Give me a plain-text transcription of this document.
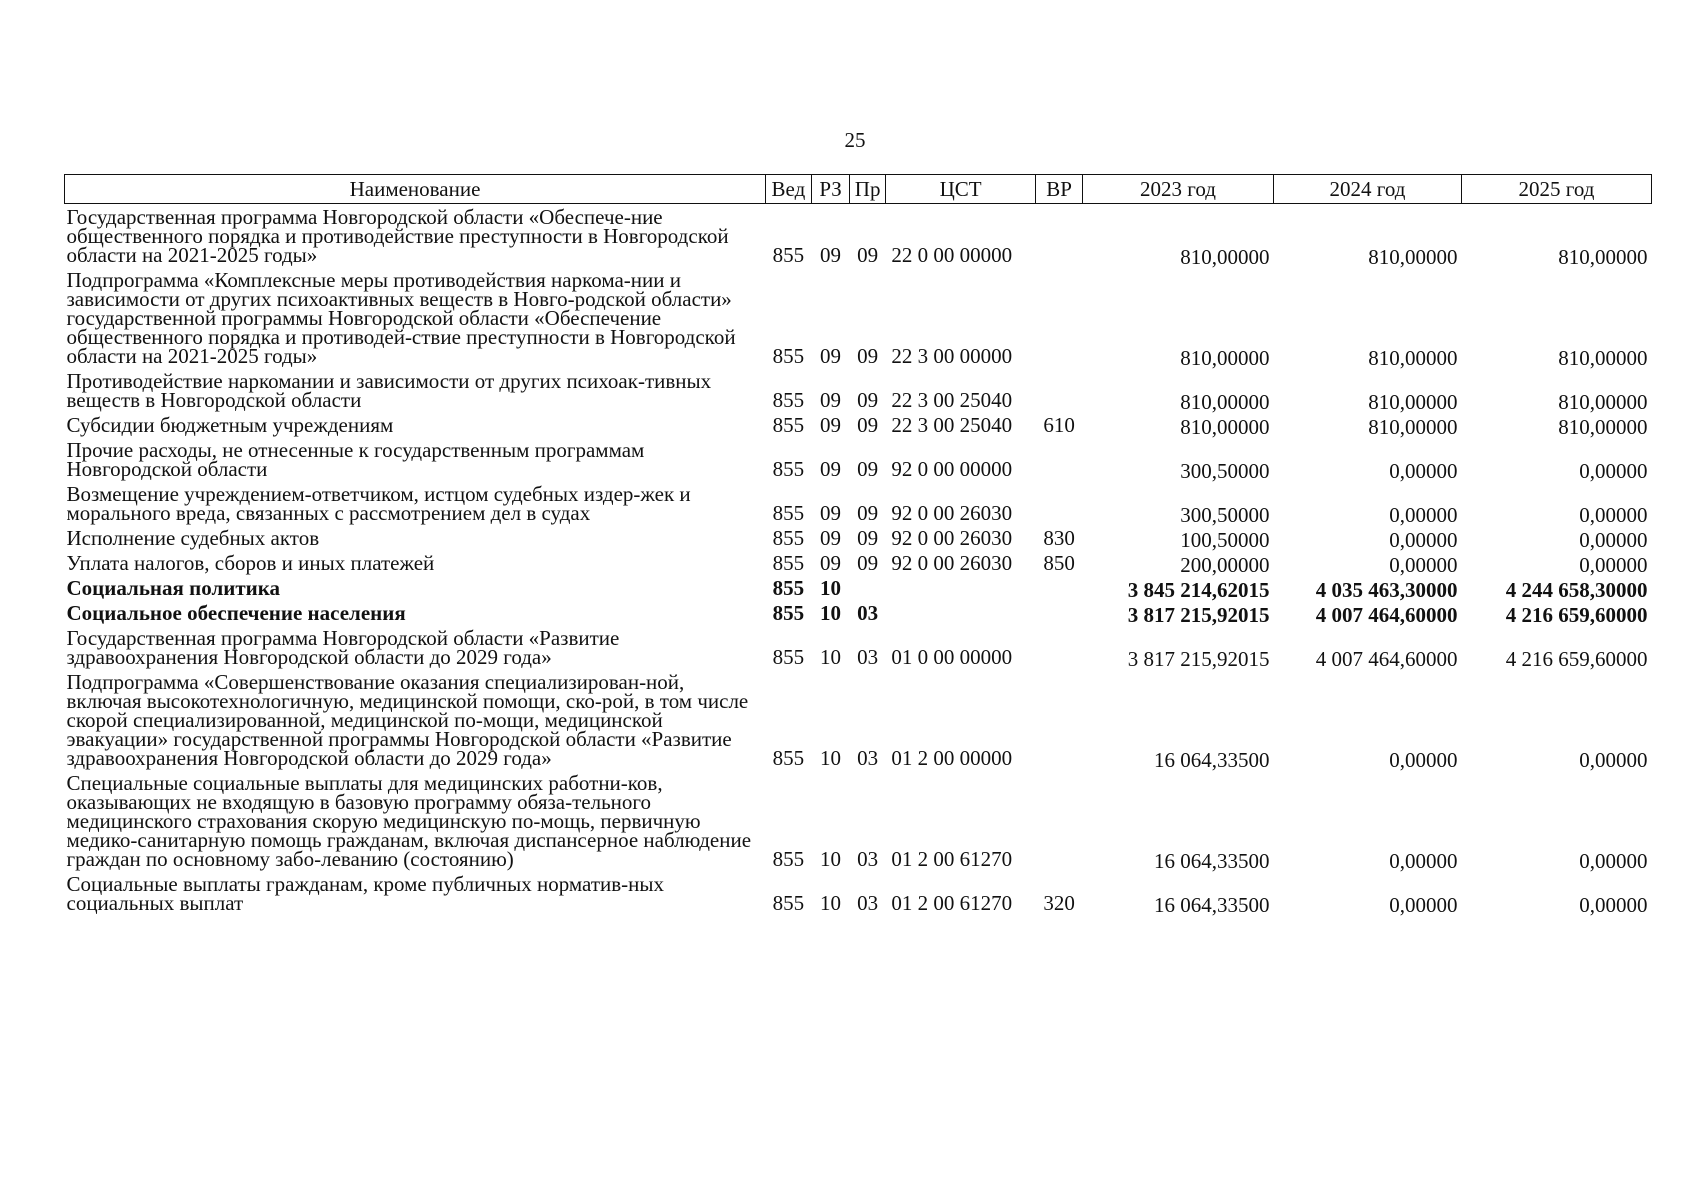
25
Наименование	Вед	РЗ	Пр	ЦСТ	ВР	2023 год	2024 год	2025 год
Государственная программа Новгородской области «Обеспече-ние общественного порядка и противодействие преступности в Новгородской области на 2021-2025 годы»	855	09	09	22 0 00 00000		810,00000	810,00000	810,00000
Подпрограмма «Комплексные меры противодействия наркома-нии и зависимости от других психоактивных веществ в Новго-родской области» государственной программы Новгородской области «Обеспечение общественного порядка и противодей-ствие преступности в Новгородской области на 2021-2025 годы»	855	09	09	22 3 00 00000		810,00000	810,00000	810,00000
Противодействие наркомании и зависимости от других психоак-тивных веществ в Новгородской области	855	09	09	22 3 00 25040		810,00000	810,00000	810,00000
Субсидии бюджетным учреждениям	855	09	09	22 3 00 25040	610	810,00000	810,00000	810,00000
Прочие расходы, не отнесенные к государственным программам Новгородской области	855	09	09	92 0 00 00000		300,50000	0,00000	0,00000
Возмещение учреждением-ответчиком, истцом судебных издер-жек и морального вреда, связанных с рассмотрением дел в судах	855	09	09	92 0 00 26030		300,50000	0,00000	0,00000
Исполнение судебных актов	855	09	09	92 0 00 26030	830	100,50000	0,00000	0,00000
Уплата налогов, сборов и иных платежей	855	09	09	92 0 00 26030	850	200,00000	0,00000	0,00000
Социальная политика	855	10				3 845 214,62015	4 035 463,30000	4 244 658,30000
Социальное обеспечение населения	855	10	03			3 817 215,92015	4 007 464,60000	4 216 659,60000
Государственная программа Новгородской области «Развитие здравоохранения Новгородской области до 2029 года»	855	10	03	01 0 00 00000		3 817 215,92015	4 007 464,60000	4 216 659,60000
Подпрограмма «Совершенствование оказания специализирован-ной, включая высокотехнологичную, медицинской помощи, ско-рой, в том числе скорой специализированной, медицинской по-мощи, медицинской эвакуации» государственной программы Новгородской области «Развитие здравоохранения Новгородской области до 2029 года»	855	10	03	01 2 00 00000		16 064,33500	0,00000	0,00000
Специальные социальные выплаты для медицинских работни-ков, оказывающих не входящую в базовую программу обяза-тельного медицинского страхования скорую медицинскую по-мощь, первичную медико-санитарную помощь гражданам, включая диспансерное наблюдение граждан по основному забо-леванию (состоянию)	855	10	03	01 2 00 61270		16 064,33500	0,00000	0,00000
Социальные выплаты гражданам, кроме публичных норматив-ных социальных выплат	855	10	03	01 2 00 61270	320	16 064,33500	0,00000	0,00000
